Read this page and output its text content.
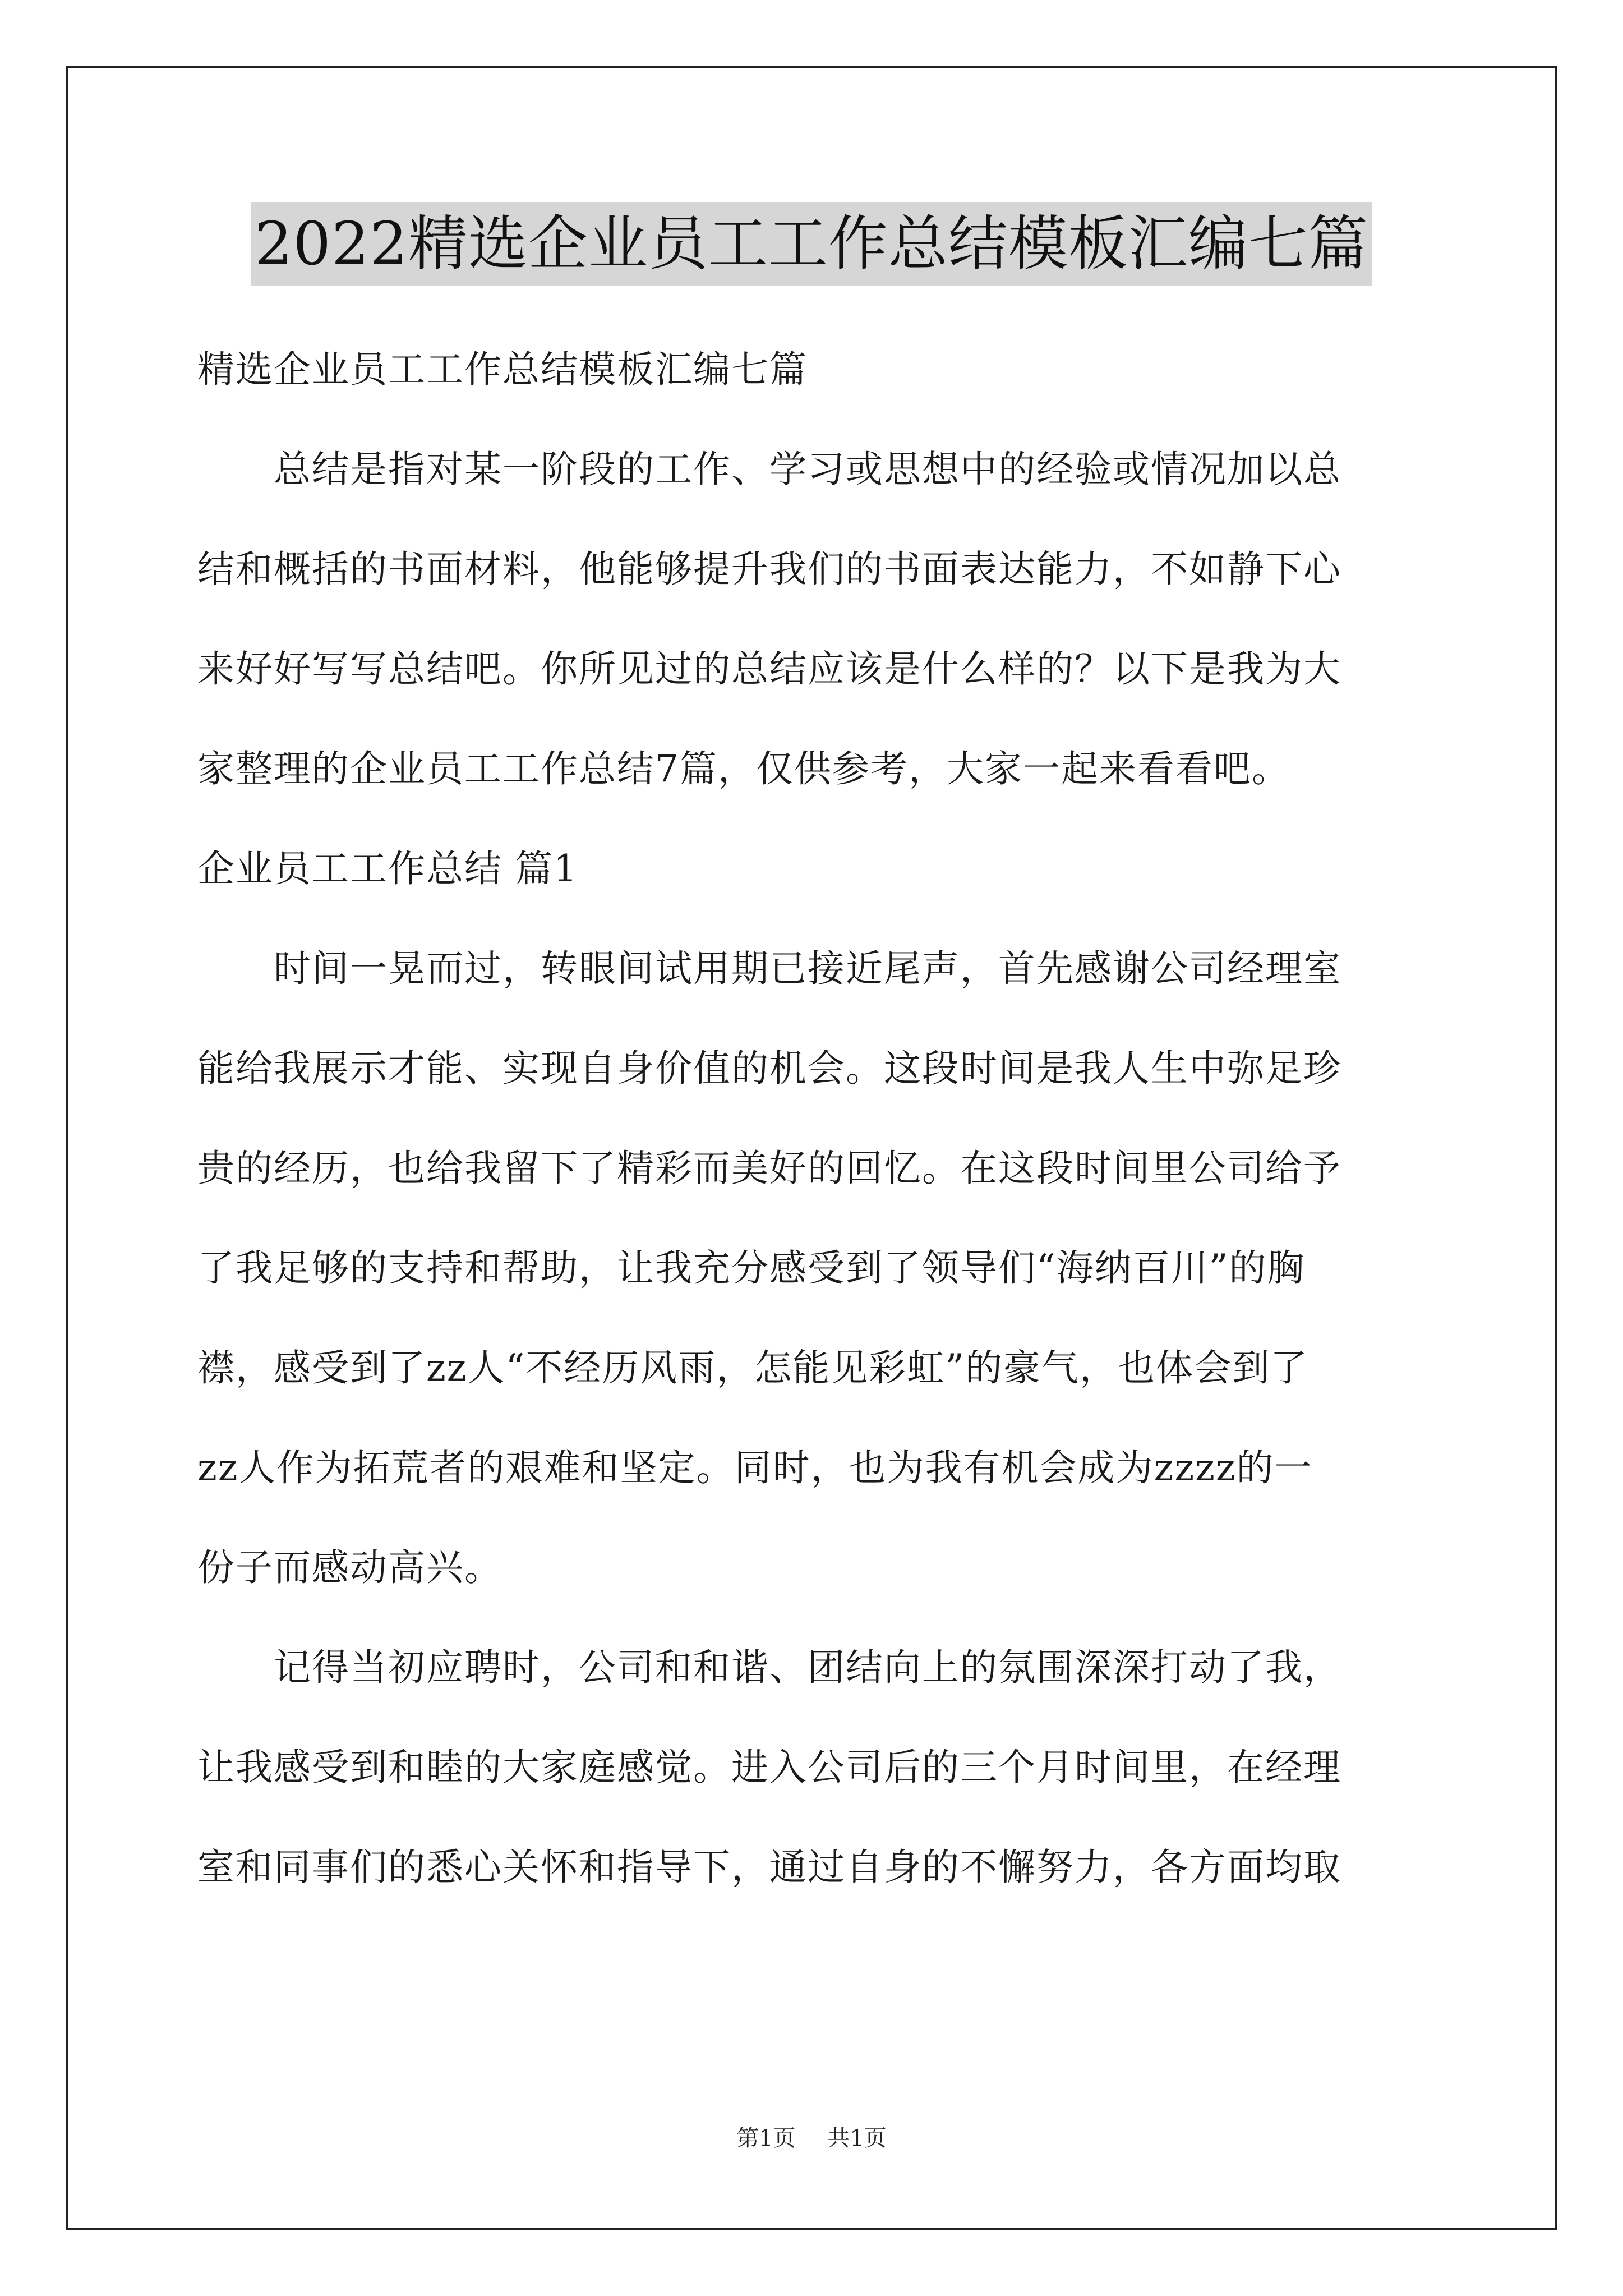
2022精选企业员工工作总结模板汇编七篇
精选企业员工工作总结模板汇编七篇
总结是指对某一阶段的工作、学习或思想中的经验或情况加以总
结和概括的书面材料，他能够提升我们的书面表达能力，不如静下心
来好好写写总结吧。你所见过的总结应该是什么样的？以下是我为大
家整理的企业员工工作总结7篇，仅供参考，大家一起来看看吧。
企业员工工作总结 篇1
时间一晃而过，转眼间试用期已接近尾声，首先感谢公司经理室
能给我展示才能、实现自身价值的机会。这段时间是我人生中弥足珍
贵的经历，也给我留下了精彩而美好的回忆。在这段时间里公司给予
了我足够的支持和帮助，让我充分感受到了领导们“海纳百川”的胸
襟，感受到了zz人“不经历风雨，怎能见彩虹”的豪气，也体会到了
zz人作为拓荒者的艰难和坚定。同时，也为我有机会成为zzzz的一
份子而感动高兴。
记得当初应聘时，公司和和谐、团结向上的氛围深深打动了我，
让我感受到和睦的大家庭感觉。进入公司后的三个月时间里，在经理
室和同事们的悉心关怀和指导下，通过自身的不懈努力，各方面均取
第1页 共1页
